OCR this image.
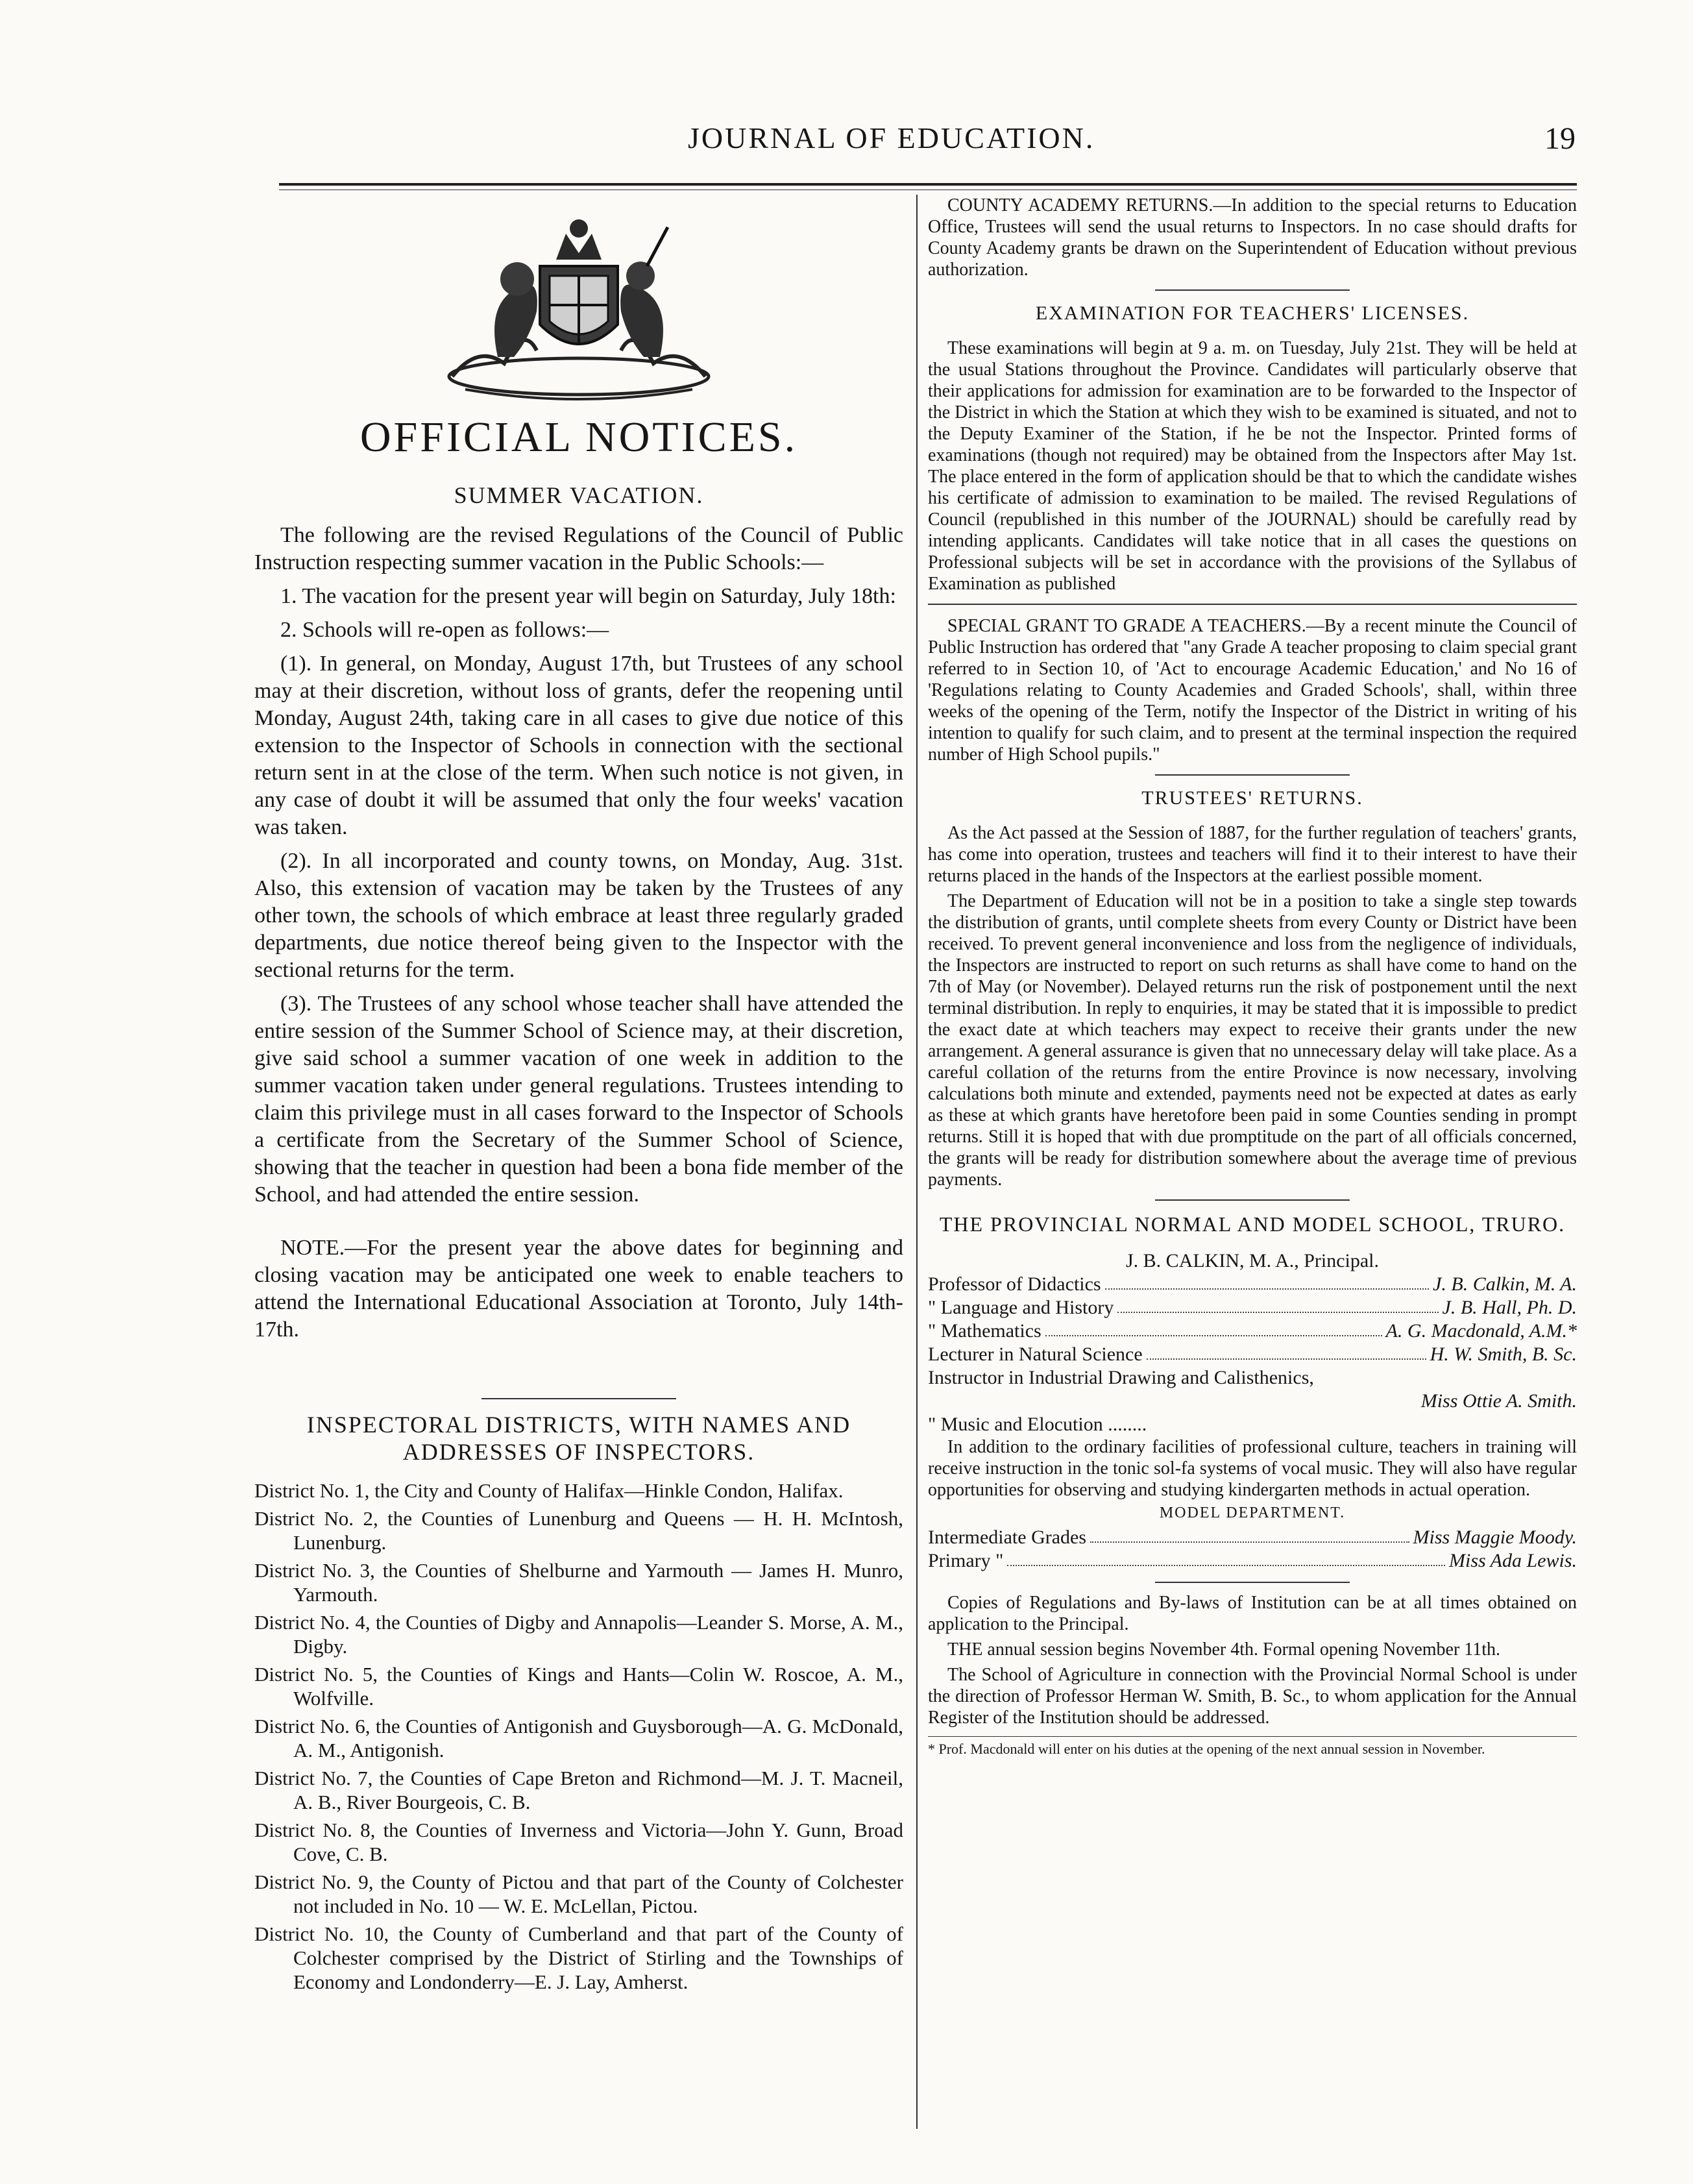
JOURNAL OF EDUCATION.	19
OFFICIAL NOTICES.
SUMMER VACATION.

The following are the revised Regulations of the Council of Public Instruction respecting summer vacation in the Public Schools:—

1. The vacation for the present year will begin on Saturday, July 18th:

2. Schools will re-open as follows:—

(1). In general, on Monday, August 17th, but Trustees of any school may at their discretion, without loss of grants, defer the reopening until Monday, August 24th, taking care in all cases to give due notice of this extension to the Inspector of Schools in connection with the sectional return sent in at the close of the term. When such notice is not given, in any case of doubt it will be assumed that only the four weeks' vacation was taken.

(2). In all incorporated and county towns, on Monday, Aug. 31st. Also, this extension of vacation may be taken by the Trustees of any other town, the schools of which embrace at least three regularly graded departments, due notice thereof being given to the Inspector with the sectional returns for the term.

(3). The Trustees of any school whose teacher shall have attended the entire session of the Summer School of Science may, at their discretion, give said school a summer vacation of one week in addition to the summer vacation taken under general regulations. Trustees intending to claim this privilege must in all cases forward to the Inspector of Schools a certificate from the Secretary of the Summer School of Science, showing that the teacher in question had been a bona fide member of the School, and had attended the entire session.

NOTE.—For the present year the above dates for beginning and closing vacation may be anticipated one week to enable teachers to attend the International Educational Association at Toronto, July 14th-17th.

INSPECTORAL DISTRICTS, WITH NAMES AND ADDRESSES OF INSPECTORS.

District No. 1, the City and County of Halifax—Hinkle Condon, Halifax.

District No. 2, the Counties of Lunenburg and Queens — H. H. McIntosh, Lunenburg.

District No. 3, the Counties of Shelburne and Yarmouth — James H. Munro, Yarmouth.

District No. 4, the Counties of Digby and Annapolis—Leander S. Morse, A. M., Digby.

District No. 5, the Counties of Kings and Hants—Colin W. Roscoe, A. M., Wolfville.

District No. 6, the Counties of Antigonish and Guysborough—A. G. McDonald, A. M., Antigonish.

District No. 7, the Counties of Cape Breton and Richmond—M. J. T. Macneil, A. B., River Bourgeois, C. B.

District No. 8, the Counties of Inverness and Victoria—John Y. Gunn, Broad Cove, C. B.

District No. 9, the County of Pictou and that part of the County of Colchester not included in No. 10 — W. E. McLellan, Pictou.

District No. 10, the County of Cumberland and that part of the County of Colchester comprised by the District of Stirling and the Townships of Economy and Londonderry—E. J. Lay, Amherst.

COUNTY ACADEMY RETURNS.—In addition to the special returns to Education Office, Trustees will send the usual returns to Inspectors. In no case should drafts for County Academy grants be drawn on the Superintendent of Education without previous authorization.

EXAMINATION FOR TEACHERS' LICENSES.

These examinations will begin at 9 a. m. on Tuesday, July 21st. They will be held at the usual Stations throughout the Province. Candidates will particularly observe that their applications for admission for examination are to be forwarded to the Inspector of the District in which the Station at which they wish to be examined is situated, and not to the Deputy Examiner of the Station, if he be not the Inspector. Printed forms of examinations (though not required) may be obtained from the Inspectors after May 1st. The place entered in the form of application should be that to which the candidate wishes his certificate of admission to examination to be mailed. The revised Regulations of Council (republished in this number of the JOURNAL) should be carefully read by intending applicants. Candidates will take notice that in all cases the questions on Professional subjects will be set in accordance with the provisions of the Syllabus of Examination as published

SPECIAL GRANT TO GRADE A TEACHERS.—By a recent minute the Council of Public Instruction has ordered that "any Grade A teacher proposing to claim special grant referred to in Section 10, of 'Act to encourage Academic Education,' and No 16 of 'Regulations relating to County Academies and Graded Schools', shall, within three weeks of the opening of the Term, notify the Inspector of the District in writing of his intention to qualify for such claim, and to present at the terminal inspection the required number of High School pupils."

TRUSTEES' RETURNS.

As the Act passed at the Session of 1887, for the further regulation of teachers' grants, has come into operation, trustees and teachers will find it to their interest to have their returns placed in the hands of the Inspectors at the earliest possible moment.

The Department of Education will not be in a position to take a single step towards the distribution of grants, until complete sheets from every County or District have been received. To prevent general inconvenience and loss from the negligence of individuals, the Inspectors are instructed to report on such returns as shall have come to hand on the 7th of May (or November). Delayed returns run the risk of postponement until the next terminal distribution. In reply to enquiries, it may be stated that it is impossible to predict the exact date at which teachers may expect to receive their grants under the new arrangement. A general assurance is given that no unnecessary delay will take place. As a careful collation of the returns from the entire Province is now necessary, involving calculations both minute and extended, payments need not be expected at dates as early as these at which grants have heretofore been paid in some Counties sending in prompt returns. Still it is hoped that with due promptitude on the part of all officials concerned, the grants will be ready for distribution somewhere about the average time of previous payments.

THE PROVINCIAL NORMAL AND MODEL SCHOOL, TRURO.
J. B. CALKIN, M. A., Principal.
Professor of Didactics	J. B. Calkin, M. A.
" Language and History	J. B. Hall, Ph. D.
" Mathematics	A. G. Macdonald, A.M.*
Lecturer in Natural Science	H. W. Smith, B. Sc.
Instructor in Industrial Drawing and Calisthenics,
Miss Ottie A. Smith.
" Music and Elocution ........

In addition to the ordinary facilities of professional culture, teachers in training will receive instruction in the tonic sol-fa systems of vocal music. They will also have regular opportunities for observing and studying kindergarten methods in actual operation.

MODEL DEPARTMENT.
Intermediate Grades	Miss Maggie Moody.
Primary "	Miss Ada Lewis.

Copies of Regulations and By-laws of Institution can be at all times obtained on application to the Principal.

THE annual session begins November 4th. Formal opening November 11th.

The School of Agriculture in connection with the Provincial Normal School is under the direction of Professor Herman W. Smith, B. Sc., to whom application for the Annual Register of the Institution should be addressed.

* Prof. Macdonald will enter on his duties at the opening of the next annual session in November.
